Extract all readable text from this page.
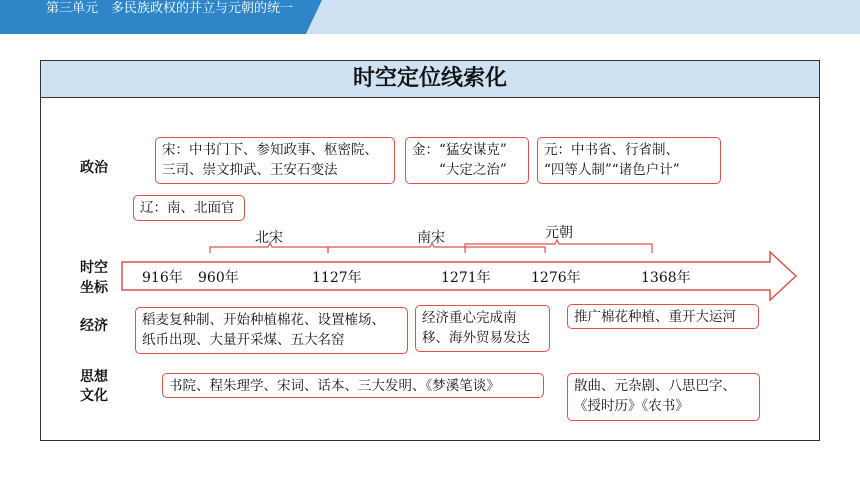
第三单元　多民族政权的并立与元朝的统一
时空定位线索化
政治
时空
坐标
经济
思想
文化
宋：中书门下、参知政事、枢密院、
三司、崇文抑武、王安石变法
金：“猛安谋克”
　　“大定之治”
元：中书省、行省制、
“四等人制”“诸色户计”
辽：南、北面官
北宋	南宋	元朝
916年 960年	1127年	1271年	1276年	1368年
稻麦复种制、开始种植棉花、设置榷场、
纸币出现、大量开采煤、五大名窑
经济重心完成南
移、海外贸易发达
推广棉花种植、重开大运河
书院、程朱理学、宋词、话本、三大发明、《梦溪笔谈》	散曲、元杂剧、八思巴字、
《授时历》《农书》
